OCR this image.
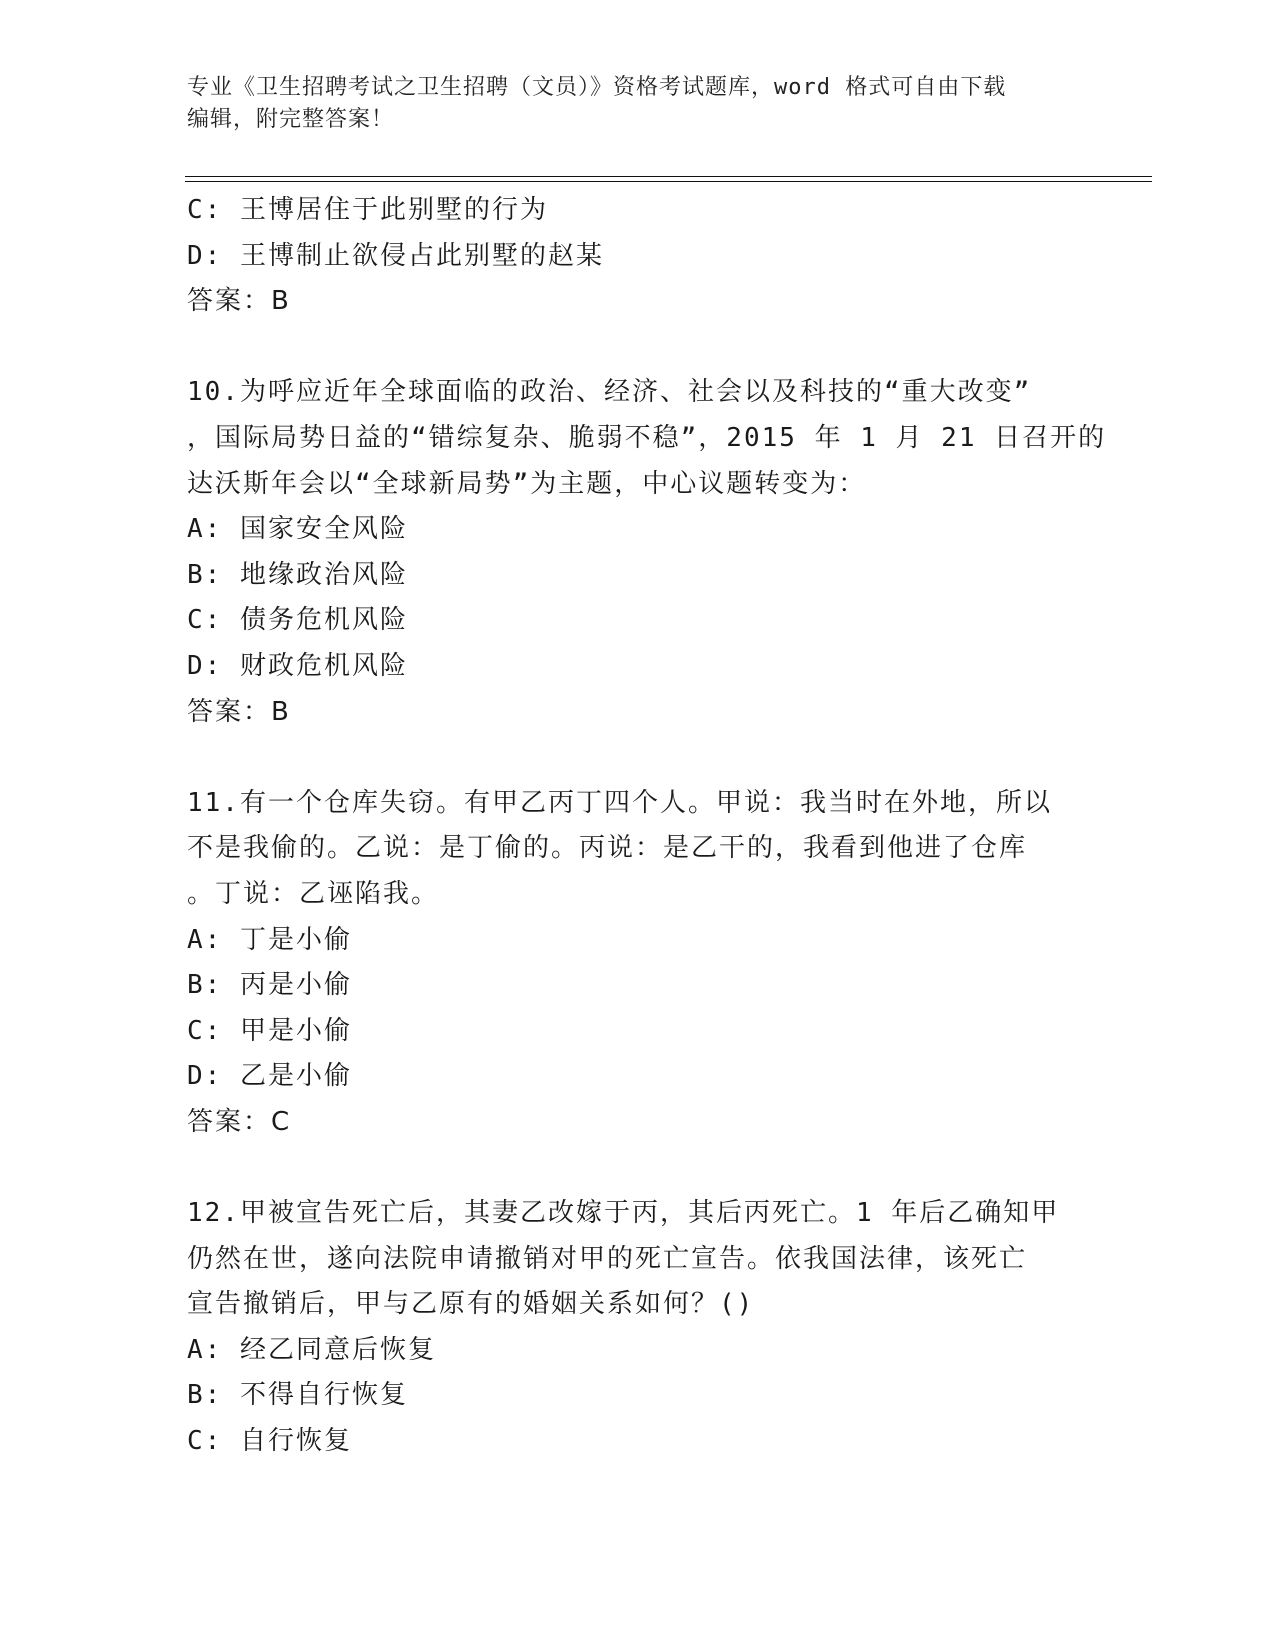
专业《卫生招聘考试之卫生招聘（文员）》资格考试题库，word 格式可自由下载
编辑，附完整答案！
C: 王博居住于此别墅的行为
D: 王博制止欲侵占此别墅的赵某
答案：B
10.为呼应近年全球面临的政治、经济、社会以及科技的“重大改变”
，国际局势日益的“错综复杂、脆弱不稳”，2015 年 1 月 21 日召开的
达沃斯年会以“全球新局势”为主题，中心议题转变为：
A: 国家安全风险
B: 地缘政治风险
C: 债务危机风险
D: 财政危机风险
答案：B
11.有一个仓库失窃。有甲乙丙丁四个人。甲说：我当时在外地，所以
不是我偷的。乙说：是丁偷的。丙说：是乙干的，我看到他进了仓库
。丁说：乙诬陷我。
A: 丁是小偷
B: 丙是小偷
C: 甲是小偷
D: 乙是小偷
答案：C
12.甲被宣告死亡后，其妻乙改嫁于丙，其后丙死亡。1 年后乙确知甲
仍然在世，遂向法院申请撤销对甲的死亡宣告。依我国法律，该死亡
宣告撤销后，甲与乙原有的婚姻关系如何？()
A: 经乙同意后恢复
B: 不得自行恢复
C: 自行恢复
